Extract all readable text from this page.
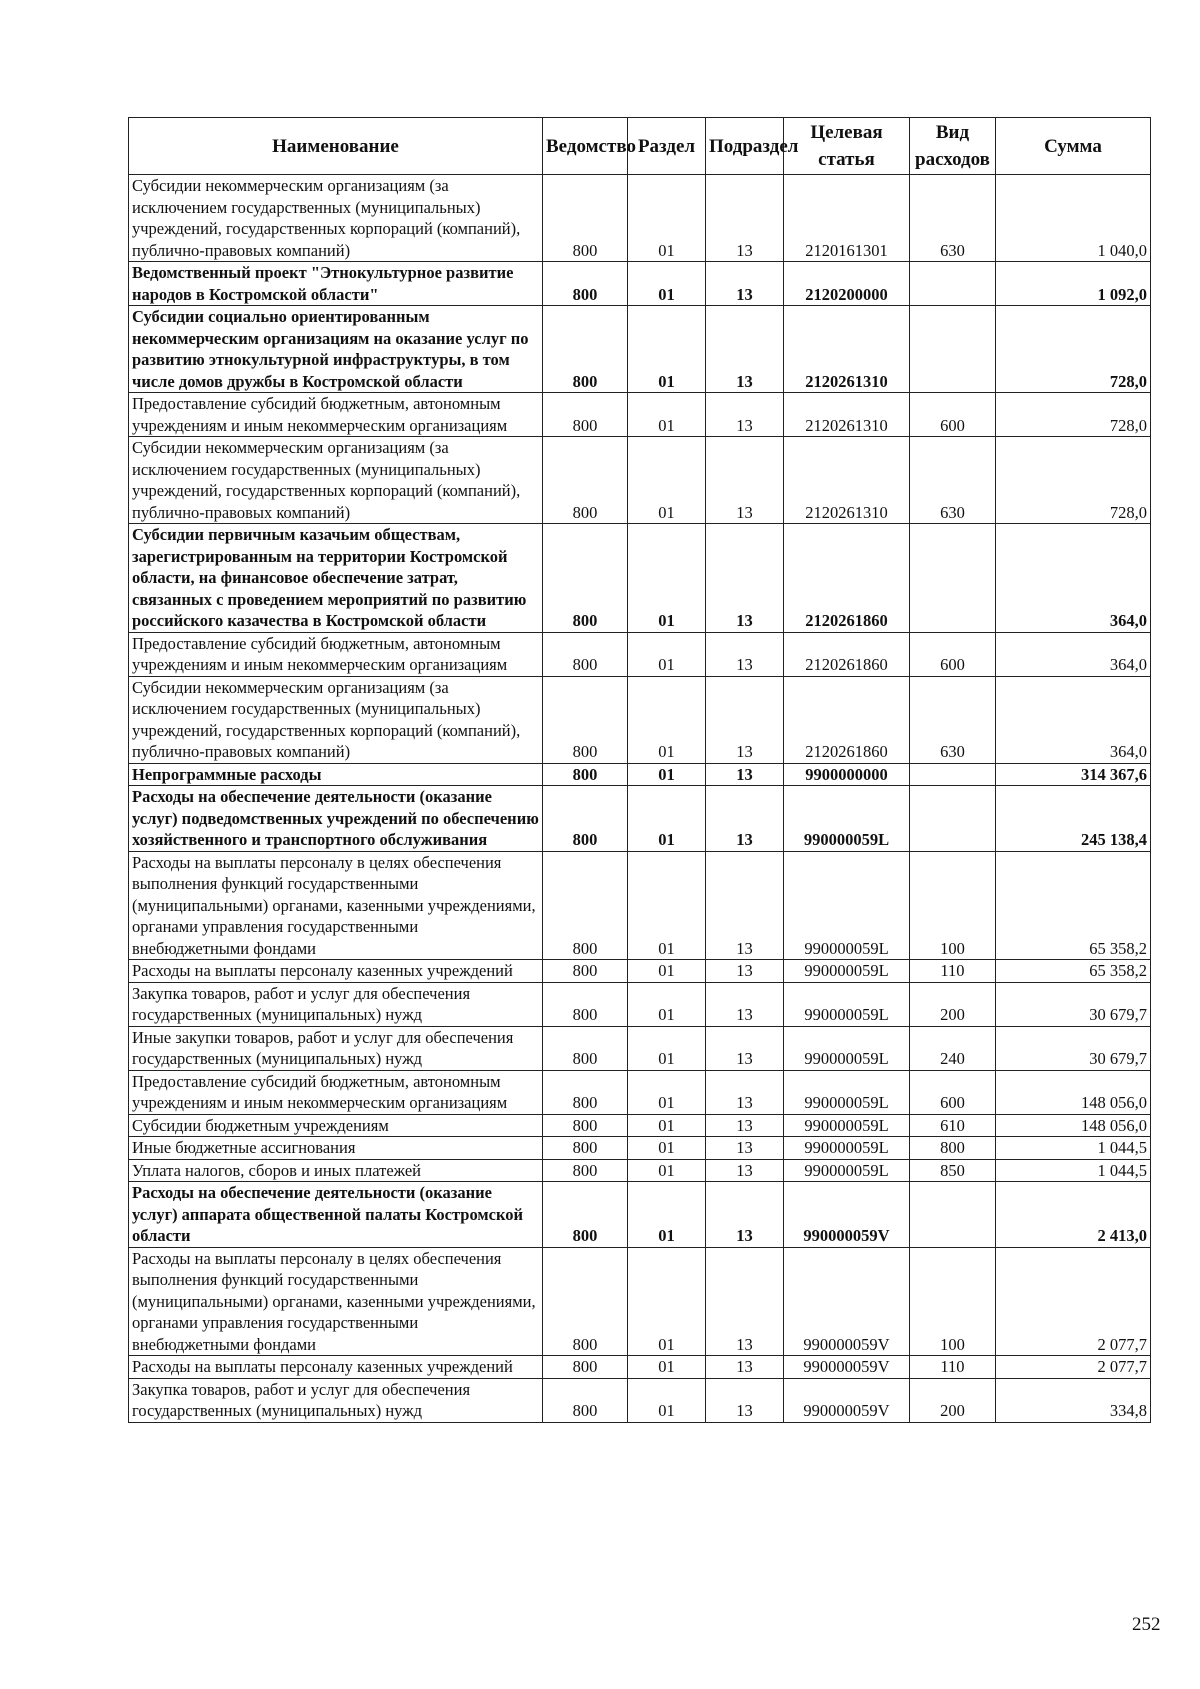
Наименование	Ведомство	Раздел	Подраздел	Целевая статья	Вид расходов	Сумма
Субсидии некоммерческим организациям (за исключением государственных (муниципальных) учреждений, государственных корпораций (компаний), публично-правовых компаний)	800	01	13	2120161301	630	1 040,0
Ведомственный проект "Этнокультурное развитие народов в Костромской области"	800	01	13	2120200000		1 092,0
Субсидии социально ориентированным некоммерческим организациям на оказание услуг по развитию этнокультурной инфраструктуры, в том числе домов дружбы в Костромской области	800	01	13	2120261310		728,0
Предоставление субсидий бюджетным, автономным учреждениям и иным некоммерческим организациям	800	01	13	2120261310	600	728,0
Субсидии некоммерческим организациям (за исключением государственных (муниципальных) учреждений, государственных корпораций (компаний), публично-правовых компаний)	800	01	13	2120261310	630	728,0
Субсидии первичным казачьим обществам, зарегистрированным на территории Костромской области, на финансовое обеспечение затрат, связанных с проведением мероприятий по развитию российского казачества в Костромской области	800	01	13	2120261860		364,0
Предоставление субсидий бюджетным, автономным учреждениям и иным некоммерческим организациям	800	01	13	2120261860	600	364,0
Субсидии некоммерческим организациям (за исключением государственных (муниципальных) учреждений, государственных корпораций (компаний), публично-правовых компаний)	800	01	13	2120261860	630	364,0
Непрограммные расходы	800	01	13	9900000000		314 367,6
Расходы на обеспечение деятельности (оказание услуг) подведомственных учреждений по обеспечению хозяйственного и транспортного обслуживания	800	01	13	990000059L		245 138,4
Расходы на выплаты персоналу в целях обеспечения выполнения функций государственными (муниципальными) органами, казенными учреждениями, органами управления государственными внебюджетными фондами	800	01	13	990000059L	100	65 358,2
Расходы на выплаты персоналу казенных учреждений	800	01	13	990000059L	110	65 358,2
Закупка товаров, работ и услуг для обеспечения государственных (муниципальных) нужд	800	01	13	990000059L	200	30 679,7
Иные закупки товаров, работ и услуг для обеспечения государственных (муниципальных) нужд	800	01	13	990000059L	240	30 679,7
Предоставление субсидий бюджетным, автономным учреждениям и иным некоммерческим организациям	800	01	13	990000059L	600	148 056,0
Субсидии бюджетным учреждениям	800	01	13	990000059L	610	148 056,0
Иные бюджетные ассигнования	800	01	13	990000059L	800	1 044,5
Уплата налогов, сборов и иных платежей	800	01	13	990000059L	850	1 044,5
Расходы на обеспечение деятельности (оказание услуг) аппарата общественной палаты Костромской области	800	01	13	990000059V		2 413,0
Расходы на выплаты персоналу в целях обеспечения выполнения функций государственными (муниципальными) органами, казенными учреждениями, органами управления государственными внебюджетными фондами	800	01	13	990000059V	100	2 077,7
Расходы на выплаты персоналу казенных учреждений	800	01	13	990000059V	110	2 077,7
Закупка товаров, работ и услуг для обеспечения государственных (муниципальных) нужд	800	01	13	990000059V	200	334,8
252
